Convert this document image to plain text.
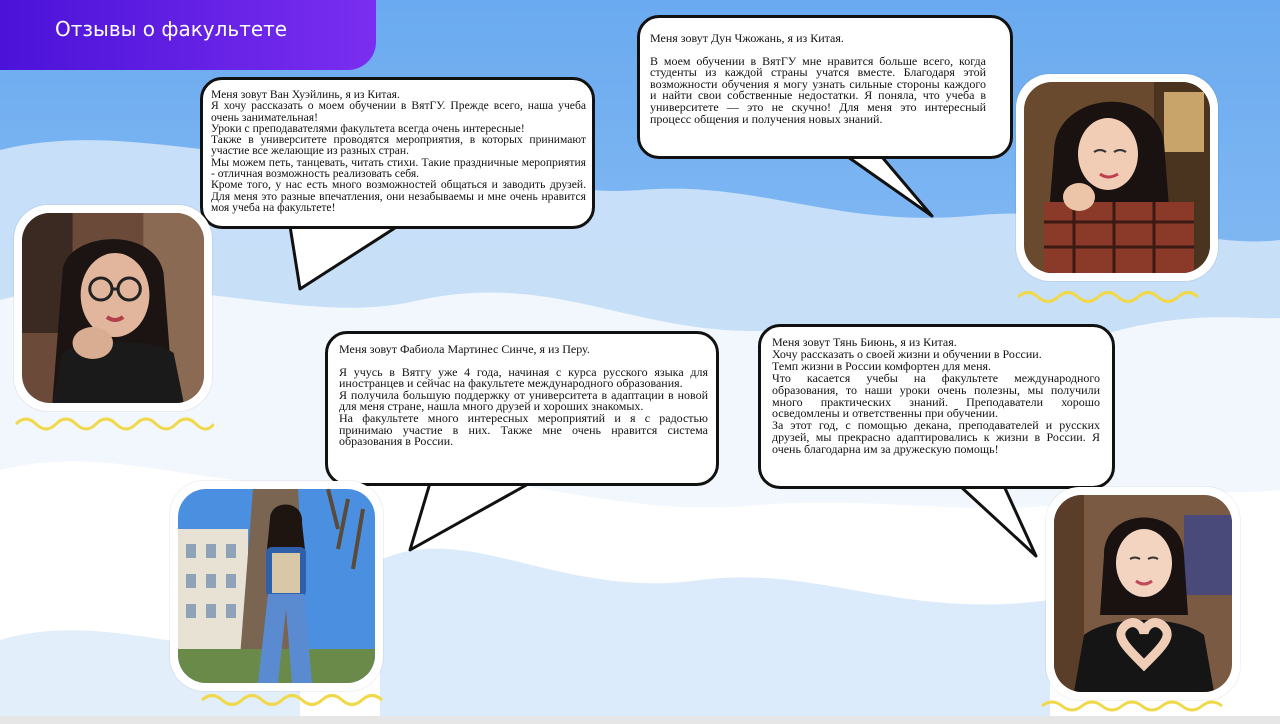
Отзывы о факультете

Меня зовут Ван Хуэйлинь, я из Китая.

Я хочу рассказать о моем обучении в ВятГУ. Прежде всего, наша учеба очень занимательная!

Уроки с преподавателями факультета всегда очень интересные!

Также в университете проводятся мероприятия, в которых принимают участие все желающие из разных стран.

Мы можем петь, танцевать, читать стихи. Такие праздничные мероприятия - отличная возможность реализовать себя.

Кроме того, у нас есть много возможностей общаться и заводить друзей. Для меня это разные впечатления, они незабываемы и мне очень нравится моя учеба на факультете!

Меня зовут Дун Чжожань, я из Китая.

В моем обучении в ВятГУ мне нравится больше всего, когда студенты из каждой страны учатся вместе. Благодаря этой возможности обучения я могу узнать сильные стороны каждого и найти свои собственные недостатки. Я поняла, что учеба в университете — это не скучно! Для меня это интересный процесс общения и получения новых знаний.

Меня зовут Фабиола Мартинес Синче, я из Перу.

Я учусь в Вятгу уже 4 года, начиная с курса русского языка для иностранцев и сейчас на факультете международного образования.

Я получила большую поддержку от университета в адаптации в новой для меня стране, нашла много друзей и хороших знакомых.

На факультете много интересных мероприятий и я с радостью принимаю участие в них. Также мне очень нравится система образования в России.

Меня зовут Тянь Биюнь, я из Китая.

Хочу рассказать о своей жизни и обучении в России.

Темп жизни в России комфортен для меня.

Что касается учебы на факультете международного образования, то наши уроки очень полезны, мы получили много практических знаний. Преподаватели хорошо осведомлены и ответственны при обучении.

За этот год, с помощью декана, преподавателей и русских друзей, мы прекрасно адаптировались к жизни в России. Я очень благодарна им за дружескую помощь!
